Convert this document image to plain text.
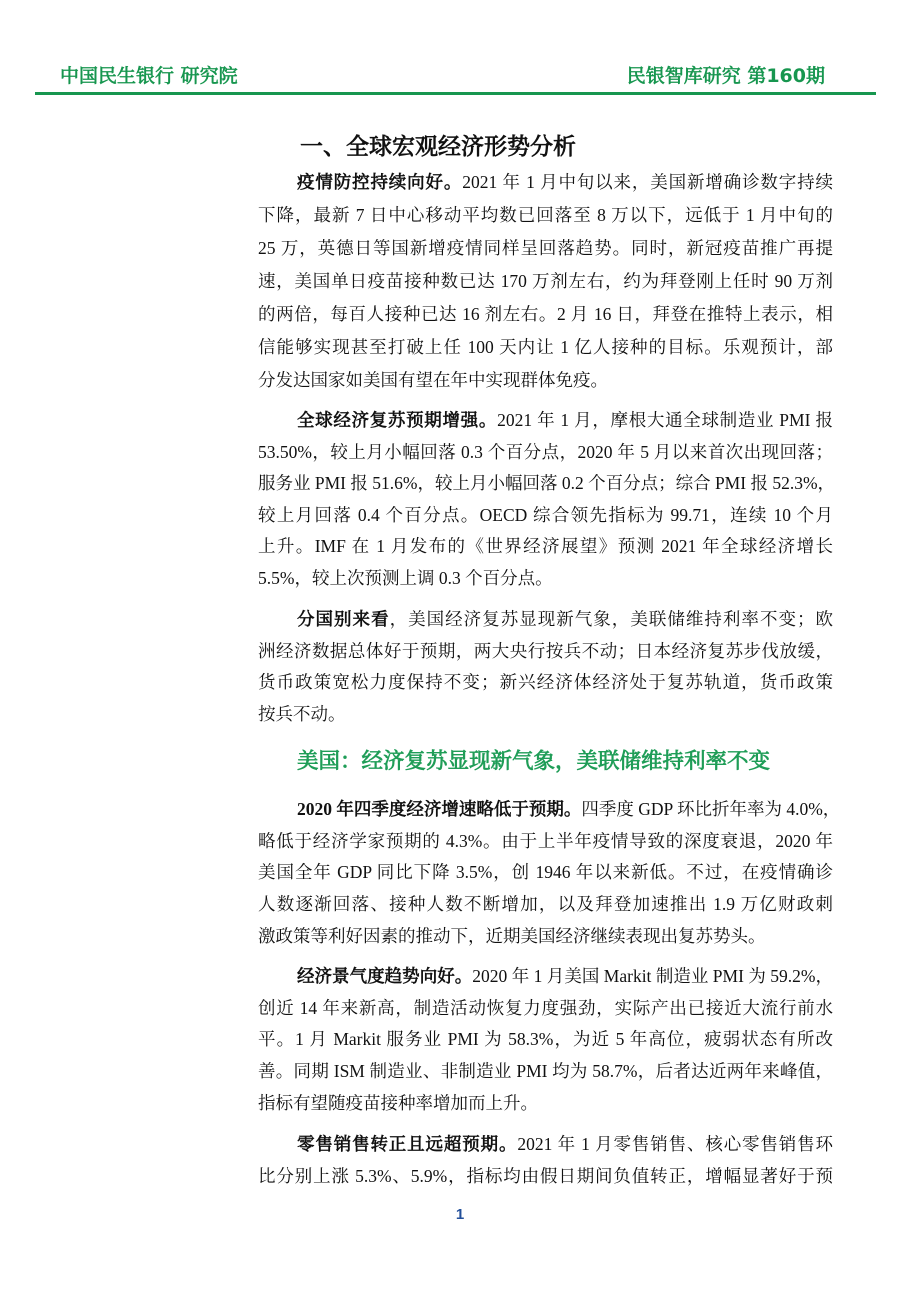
中国民生银行 研究院	民银智库研究 第160期
一、全球宏观经济形势分析
疫情防控持续向好。2021 年 1 月中旬以来，美国新增确诊数字持续
下降，最新 7 日中心移动平均数已回落至 8 万以下，远低于 1 月中旬的
25 万，英德日等国新增疫情同样呈回落趋势。同时，新冠疫苗推广再提
速，美国单日疫苗接种数已达 170 万剂左右，约为拜登刚上任时 90 万剂
的两倍，每百人接种已达 16 剂左右。2 月 16 日，拜登在推特上表示，相
信能够实现甚至打破上任 100 天内让 1 亿人接种的目标。乐观预计，部
分发达国家如美国有望在年中实现群体免疫。
全球经济复苏预期增强。2021 年 1 月，摩根大通全球制造业 PMI 报
53.50%，较上月小幅回落 0.3 个百分点，2020 年 5 月以来首次出现回落；
服务业 PMI 报 51.6%，较上月小幅回落 0.2 个百分点；综合 PMI 报 52.3%，
较上月回落 0.4 个百分点。OECD 综合领先指标为 99.71，连续 10 个月
上升。IMF 在 1 月发布的《世界经济展望》预测 2021 年全球经济增长
5.5%，较上次预测上调 0.3 个百分点。
分国别来看，美国经济复苏显现新气象，美联储维持利率不变；欧
洲经济数据总体好于预期，两大央行按兵不动；日本经济复苏步伐放缓，
货币政策宽松力度保持不变；新兴经济体经济处于复苏轨道，货币政策
按兵不动。
美国：经济复苏显现新气象，美联储维持利率不变
2020 年四季度经济增速略低于预期。四季度 GDP 环比折年率为 4.0%，
略低于经济学家预期的 4.3%。由于上半年疫情导致的深度衰退，2020 年
美国全年 GDP 同比下降 3.5%，创 1946 年以来新低。不过，在疫情确诊
人数逐渐回落、接种人数不断增加，以及拜登加速推出 1.9 万亿财政刺
激政策等利好因素的推动下，近期美国经济继续表现出复苏势头。
经济景气度趋势向好。2020 年 1 月美国 Markit 制造业 PMI 为 59.2%，
创近 14 年来新高，制造活动恢复力度强劲，实际产出已接近大流行前水
平。1 月 Markit 服务业 PMI 为 58.3%，为近 5 年高位，疲弱状态有所改
善。同期 ISM 制造业、非制造业 PMI 均为 58.7%，后者达近两年来峰值，
指标有望随疫苗接种率增加而上升。
零售销售转正且远超预期。2021 年 1 月零售销售、核心零售销售环
比分别上涨 5.3%、5.9%，指标均由假日期间负值转正，增幅显著好于预
1
